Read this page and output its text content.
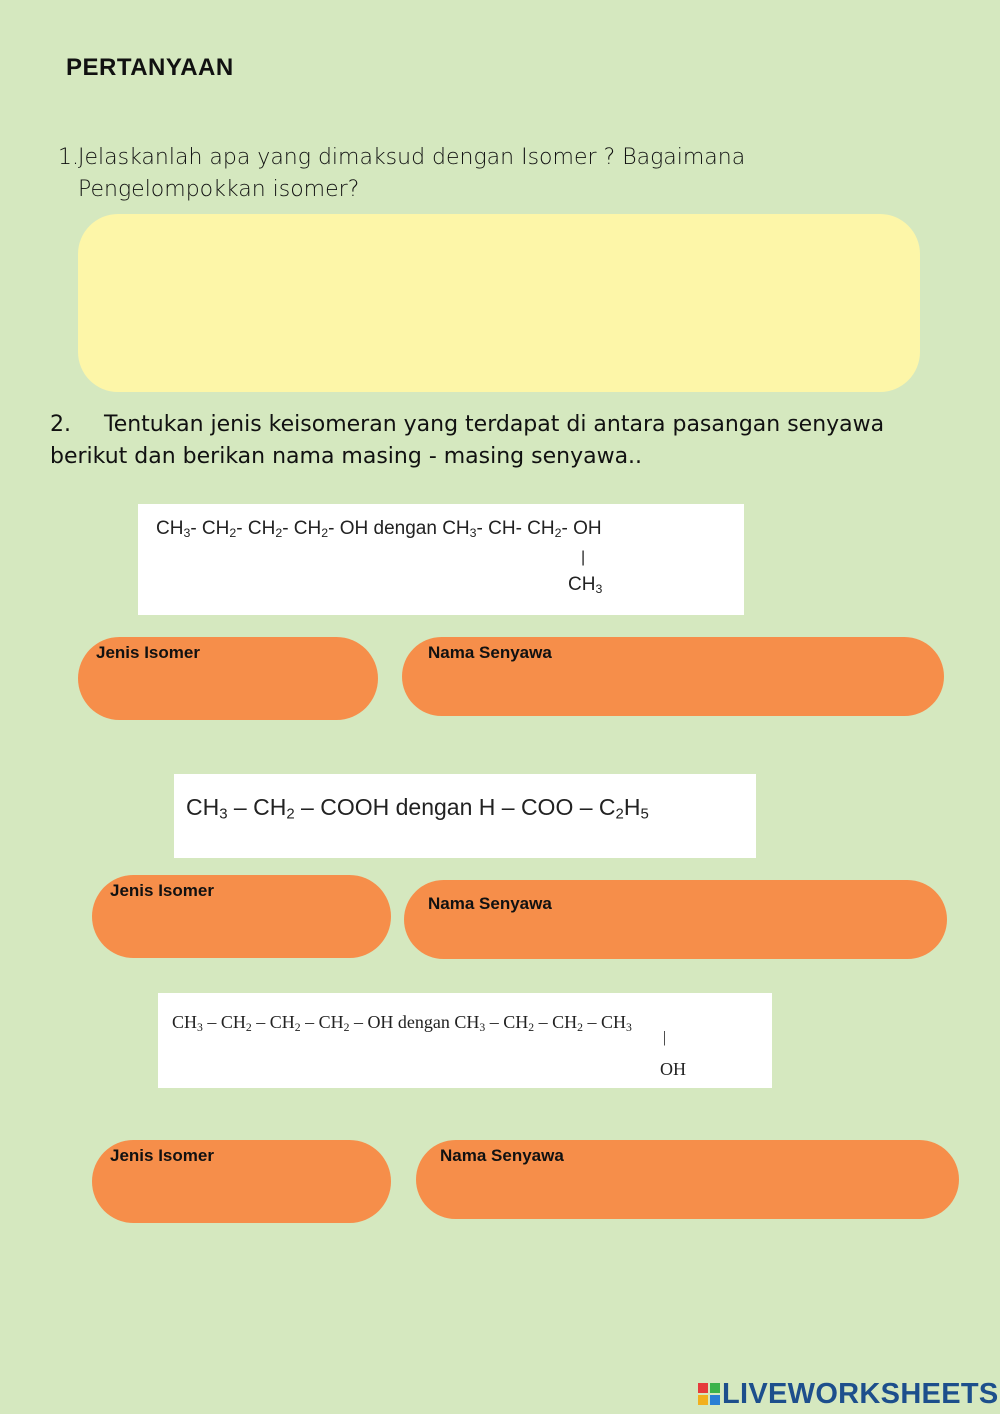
PERTANYAAN
1. Jelaskanlah apa yang dimaksud dengan Isomer ? Bagaimana Pengelompokkan isomer?
2. Tentukan jenis keisomeran yang terdapat di antara pasangan senyawa berikut dan berikan nama masing - masing senyawa..
$CH_3-$ $CH_2-$ $CH_2-$ $CH_2-$ OH dengan $CH_3-$ CH- $CH_2-$ OH
|
$CH_3$
Jenis Isomer	Nama Senyawa
$CH_3 - CH_2$ – COOH dengan H – COO – $C_2H_5$
Jenis Isomer
Nama Senyawa
$CH_3 - CH_2 - CH_2 - CH_2$ – OH dengan $CH_3 - CH_2 - CH_2 - CH_3$
|
OH
Jenis Isomer	Nama Senyawa
LIVEWORKSHEETS
